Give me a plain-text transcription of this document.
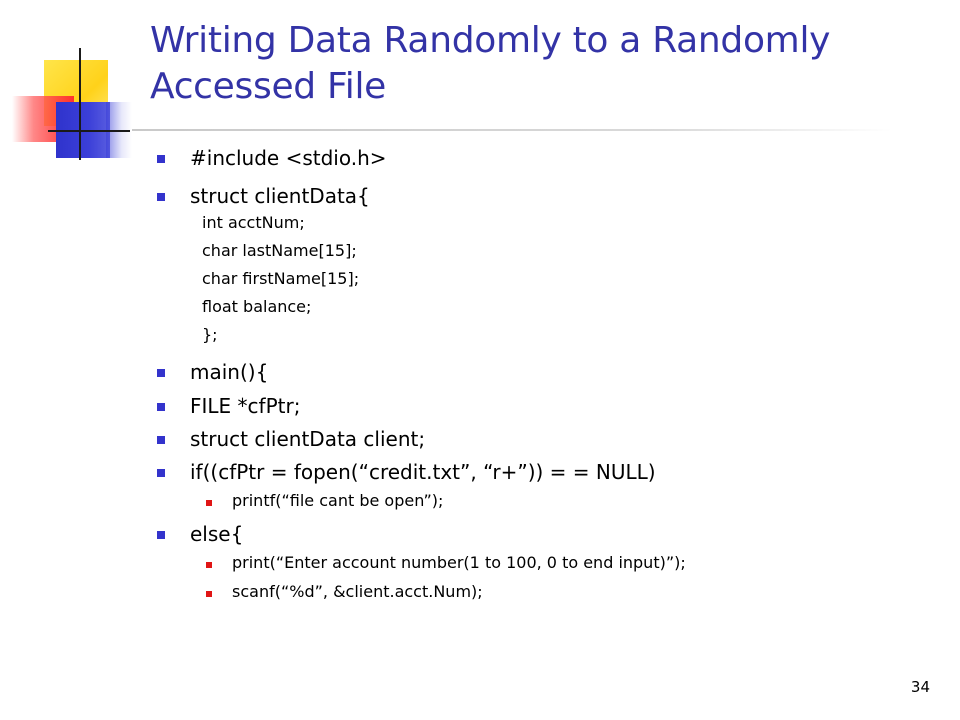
Writing Data Randomly to a Randomly
Accessed File
#include <stdio.h>
struct clientData{
int acctNum;
char lastName[15];
char firstName[15];
float balance;
};
main(){
FILE *cfPtr;
struct clientData client;
if((cfPtr = fopen(“credit.txt”, “r+”)) = = NULL)
printf(“file cant be open”);
else{
print(“Enter account number(1 to 100, 0 to end input)”);
scanf(“%d”, &client.acct.Num);
34
